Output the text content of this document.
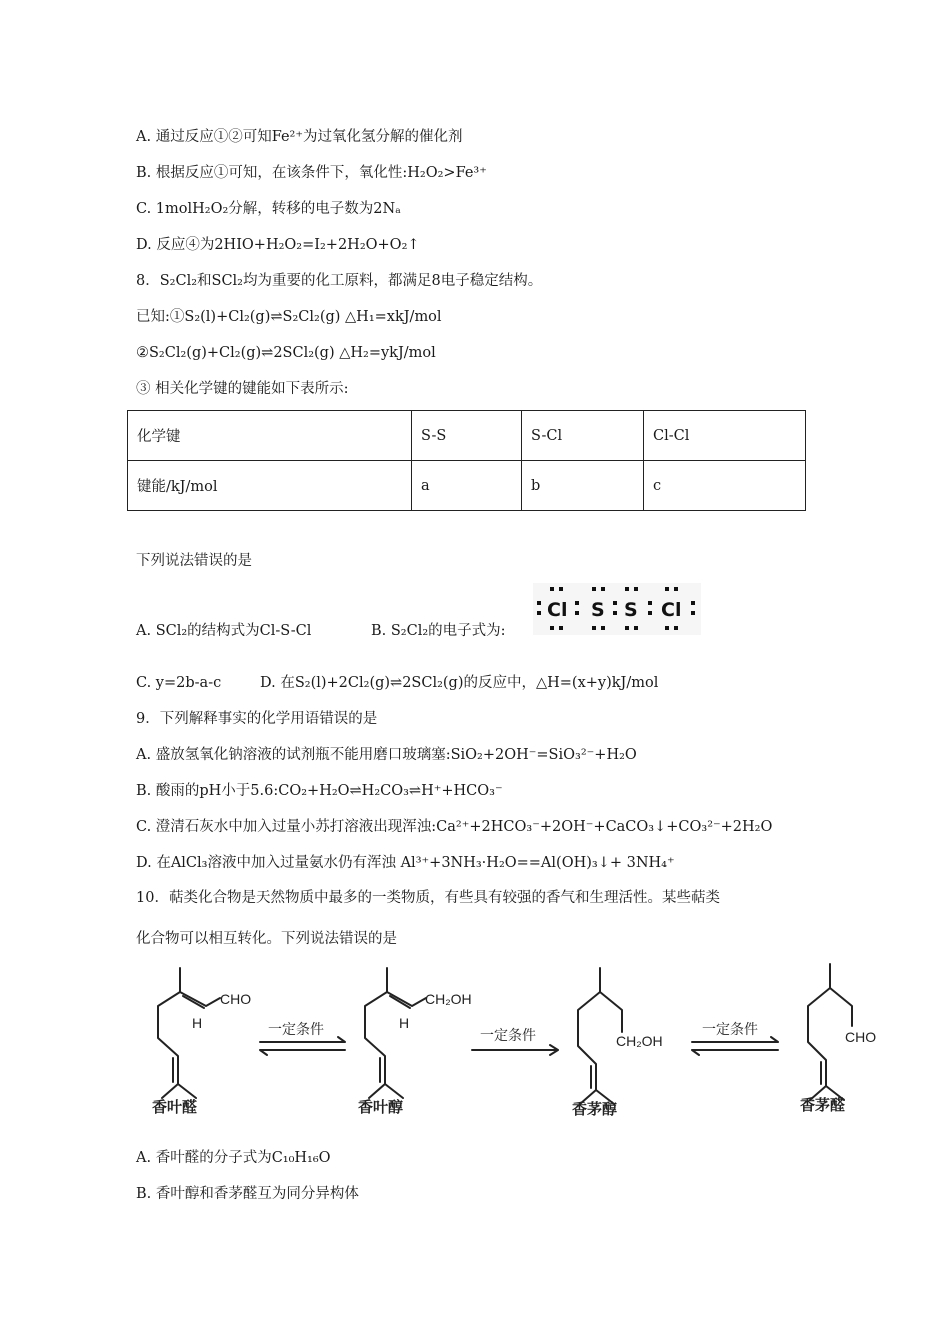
A. 通过反应①②可知Fe²⁺为过氧化氢分解的催化剂
B. 根据反应①可知，在该条件下，氧化性:H₂O₂>Fe³⁺
C. 1molH₂O₂分解，转移的电子数为2Nₐ
D. 反应④为2HIO+H₂O₂=I₂+2H₂O+O₂↑
8．S₂Cl₂和SCl₂均为重要的化工原料，都满足8电子稳定结构。
已知:①S₂(l)+Cl₂(g)⇌S₂Cl₂(g) △H₁=xkJ/mol
②S₂Cl₂(g)+Cl₂(g)⇌2SCl₂(g) △H₂=ykJ/mol
③ 相关化学键的键能如下表所示:
化学键	S-S	S-Cl	Cl-Cl
键能/kJ/mol	a	b	c
下列说法错误的是
A. SCl₂的结构式为Cl-S-Cl	B. S₂Cl₂的电子式为:
Cl S S Cl
C. y=2b-a-c	D. 在S₂(l)+2Cl₂(g)⇌2SCl₂(g)的反应中，△H=(x+y)kJ/mol
9．下列解释事实的化学用语错误的是
A. 盛放氢氧化钠溶液的试剂瓶不能用磨口玻璃塞:SiO₂+2OH⁻=SiO₃²⁻+H₂O
B. 酸雨的pH小于5.6:CO₂+H₂O⇌H₂CO₃⇌H⁺+HCO₃⁻
C. 澄清石灰水中加入过量小苏打溶液出现浑浊:Ca²⁺+2HCO₃⁻+2OH⁻+CaCO₃↓+CO₃²⁻+2H₂O
D. 在AlCl₃溶液中加入过量氨水仍有浑浊 Al³⁺+3NH₃·H₂O==Al(OH)₃↓+ 3NH₄⁺
10．萜类化合物是天然物质中最多的一类物质，有些具有较强的香气和生理活性。某些萜类
化合物可以相互转化。下列说法错误的是
CHO
H
CH₂OH
H
CH₂OH	CHO
一定条件	一定条件	一定条件
香叶醛	香叶醇	香茅醇	香茅醛
A. 香叶醛的分子式为C₁₀H₁₆O
B. 香叶醇和香茅醛互为同分异构体
